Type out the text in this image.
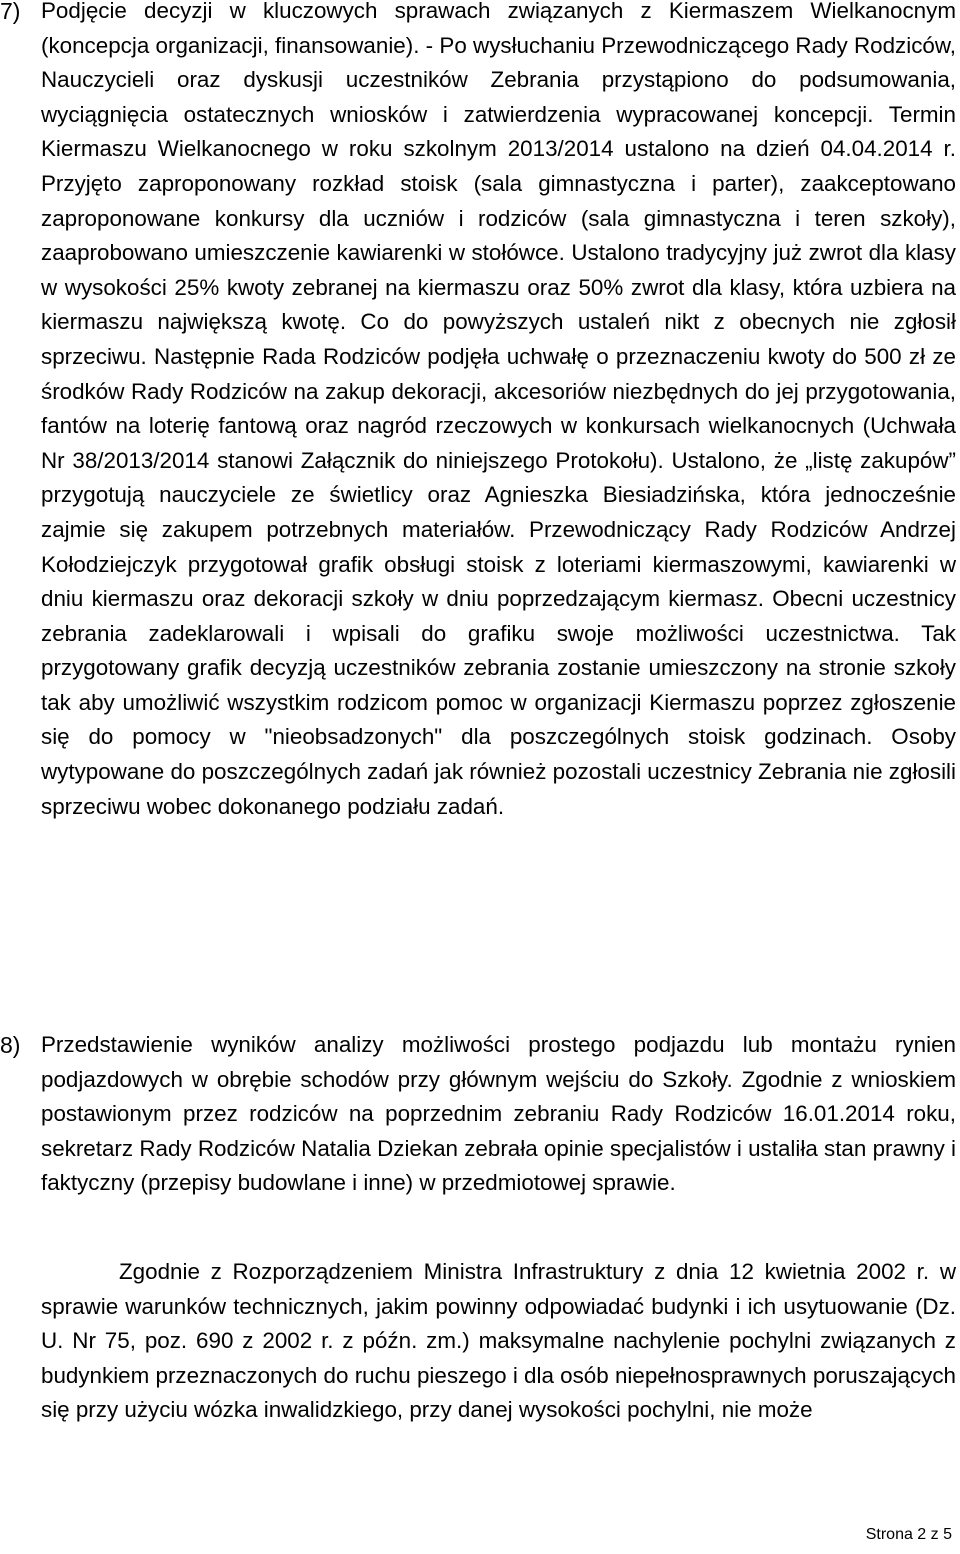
7) Podjęcie decyzji w kluczowych sprawach związanych z Kiermaszem Wielkanocnym (koncepcja organizacji, finansowanie). - Po wysłuchaniu Przewodniczącego Rady Rodziców, Nauczycieli oraz dyskusji uczestników Zebrania przystąpiono do podsumowania, wyciągnięcia ostatecznych wniosków i zatwierdzenia wypracowanej koncepcji. Termin Kiermaszu Wielkanocnego w roku szkolnym 2013/2014 ustalono na dzień 04.04.2014 r. Przyjęto zaproponowany rozkład stoisk (sala gimnastyczna i parter), zaakceptowano zaproponowane konkursy dla uczniów i rodziców (sala gimnastyczna i teren szkoły), zaaprobowano umieszczenie kawiarenki w stołówce. Ustalono tradycyjny już zwrot dla klasy w wysokości 25% kwoty zebranej na kiermaszu oraz 50% zwrot dla klasy, która uzbiera na kiermaszu największą kwotę. Co do powyższych ustaleń nikt z obecnych nie zgłosił sprzeciwu. Następnie Rada Rodziców podjęła uchwałę o przeznaczeniu kwoty do 500 zł ze środków Rady Rodziców na zakup dekoracji, akcesoriów niezbędnych do jej przygotowania, fantów na loterię fantową oraz nagród rzeczowych w konkursach wielkanocnych (Uchwała Nr 38/2013/2014 stanowi Załącznik do niniejszego Protokołu). Ustalono, że „listę zakupów” przygotują nauczyciele ze świetlicy oraz Agnieszka Biesiadzińska, która jednocześnie zajmie się zakupem potrzebnych materiałów. Przewodniczący Rady Rodziców Andrzej Kołodziejczyk przygotował grafik obsługi stoisk z loteriami kiermaszowymi, kawiarenki w dniu kiermaszu oraz dekoracji szkoły w dniu poprzedzającym kiermasz. Obecni uczestnicy zebrania zadeklarowali i wpisali do grafiku swoje możliwości uczestnictwa. Tak przygotowany grafik decyzją uczestników zebrania zostanie umieszczony na stronie szkoły tak aby umożliwić wszystkim rodzicom pomoc w organizacji Kiermaszu poprzez zgłoszenie się do pomocy w "nieobsadzonych" dla poszczególnych stoisk godzinach. Osoby wytypowane do poszczególnych zadań jak również pozostali uczestnicy Zebrania nie zgłosili sprzeciwu wobec dokonanego podziału zadań.

8) Przedstawienie wyników analizy możliwości prostego podjazdu lub montażu rynien podjazdowych w obrębie schodów przy głównym wejściu do Szkoły. Zgodnie z wnioskiem postawionym przez rodziców na poprzednim zebraniu Rady Rodziców 16.01.2014 roku, sekretarz Rady Rodziców Natalia Dziekan zebrała opinie specjalistów i ustaliła stan prawny i faktyczny (przepisy budowlane i inne) w przedmiotowej sprawie.

Zgodnie z Rozporządzeniem Ministra Infrastruktury z dnia 12 kwietnia 2002 r. w sprawie warunków technicznych, jakim powinny odpowiadać budynki i ich usytuowanie (Dz. U. Nr 75, poz. 690 z 2002 r. z późn. zm.) maksymalne nachylenie pochylni związanych z budynkiem przeznaczonych do ruchu pieszego i dla osób niepełnosprawnych poruszających się przy użyciu wózka inwalidzkiego, przy danej wysokości pochylni, nie może

Strona 2 z 5
